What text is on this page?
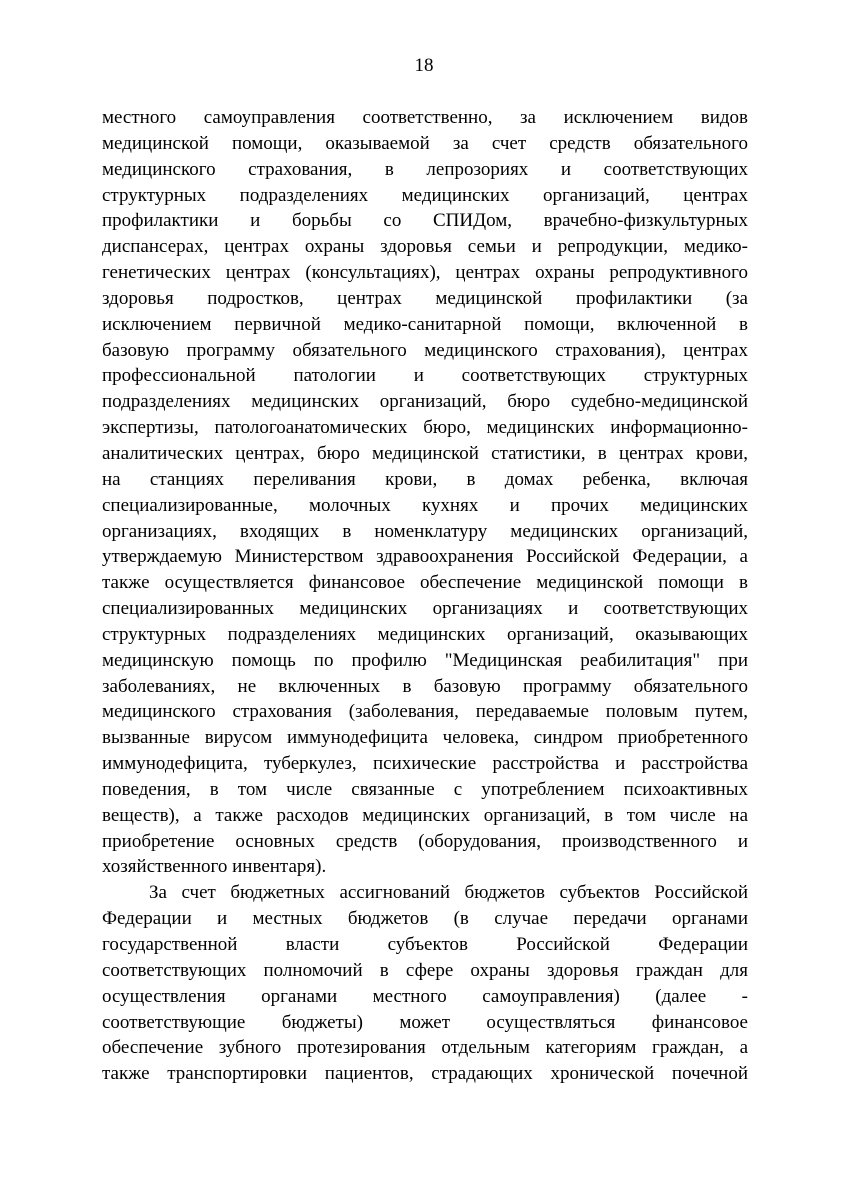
18
местного самоуправления соответственно, за исключением видов
медицинской помощи, оказываемой за счет средств обязательного
медицинского страхования, в лепрозориях и соответствующих
структурных подразделениях медицинских организаций, центрах
профилактики и борьбы со СПИДом, врачебно-физкультурных
диспансерах, центрах охраны здоровья семьи и репродукции, медико-
генетических центрах (консультациях), центрах охраны репродуктивного
здоровья подростков, центрах медицинской профилактики (за
исключением первичной медико-санитарной помощи, включенной в
базовую программу обязательного медицинского страхования), центрах
профессиональной патологии и соответствующих структурных
подразделениях медицинских организаций, бюро судебно-медицинской
экспертизы, патологоанатомических бюро, медицинских информационно-
аналитических центрах, бюро медицинской статистики, в центрах крови,
на станциях переливания крови, в домах ребенка, включая
специализированные, молочных кухнях и прочих медицинских
организациях, входящих в номенклатуру медицинских организаций,
утверждаемую Министерством здравоохранения Российской Федерации, а
также осуществляется финансовое обеспечение медицинской помощи в
специализированных медицинских организациях и соответствующих
структурных подразделениях медицинских организаций, оказывающих
медицинскую помощь по профилю "Медицинская реабилитация" при
заболеваниях, не включенных в базовую программу обязательного
медицинского страхования (заболевания, передаваемые половым путем,
вызванные вирусом иммунодефицита человека, синдром приобретенного
иммунодефицита, туберкулез, психические расстройства и расстройства
поведения, в том числе связанные с употреблением психоактивных
веществ), а также расходов медицинских организаций, в том числе на
приобретение основных средств (оборудования, производственного и
хозяйственного инвентаря).
За счет бюджетных ассигнований бюджетов субъектов Российской
Федерации и местных бюджетов (в случае передачи органами
государственной власти субъектов Российской Федерации
соответствующих полномочий в сфере охраны здоровья граждан для
осуществления органами местного самоуправления) (далее -
соответствующие бюджеты) может осуществляться финансовое
обеспечение зубного протезирования отдельным категориям граждан, а
также транспортировки пациентов, страдающих хронической почечной
